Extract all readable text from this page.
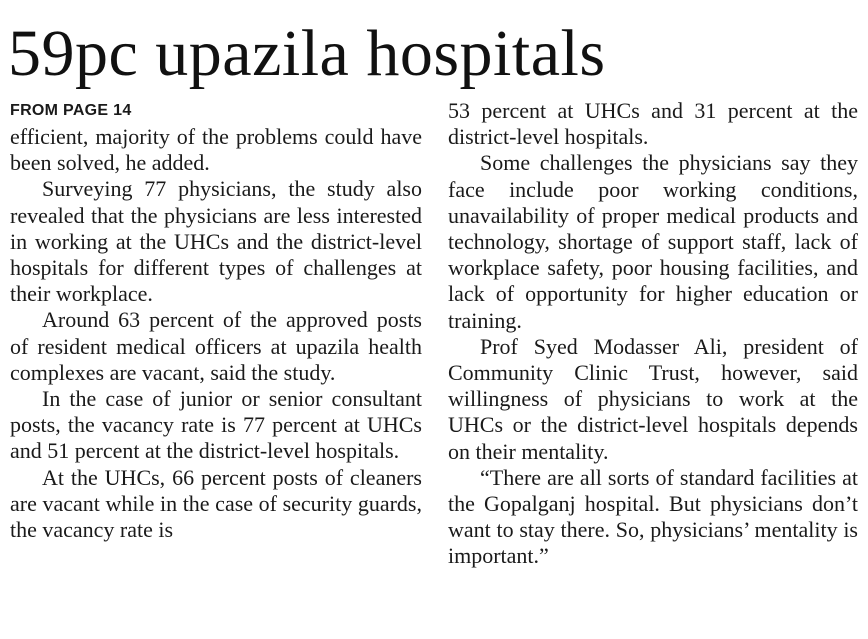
59pc upazila hospitals
FROM PAGE 14

efficient, majority of the problems could have been solved, he added.

Surveying 77 physicians, the study also revealed that the physicians are less interested in working at the UHCs and the district-level hospitals for different types of challenges at their workplace.

Around 63 percent of the approved posts of resident medical officers at upazila health complexes are vacant, said the study.

In the case of junior or senior consultant posts, the vacancy rate is 77 percent at UHCs and 51 percent at the district-level hospitals.

At the UHCs, 66 percent posts of cleaners are vacant while in the case of security guards, the vacancy rate is

53 percent at UHCs and 31 percent at the district-level hospitals.

Some challenges the physicians say they face include poor working conditions, unavailability of proper medical products and technology, shortage of support staff, lack of workplace safety, poor housing facilities, and lack of opportunity for higher education or training.

Prof Syed Modasser Ali, president of Community Clinic Trust, however, said willingness of physicians to work at the UHCs or the district-level hospitals depends on their mentality.

“There are all sorts of standard facilities at the Gopalganj hospital. But physicians don’t want to stay there. So, physicians’ mentality is important.”
